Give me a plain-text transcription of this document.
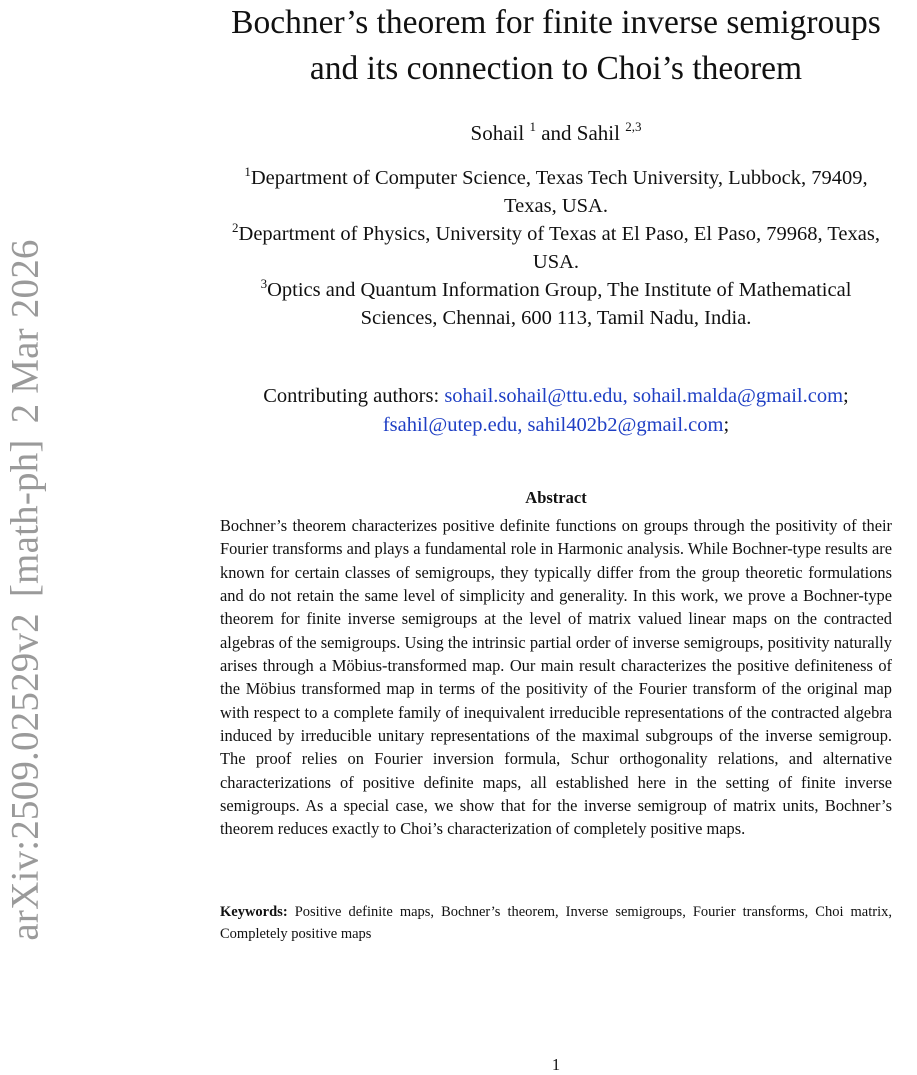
arXiv:2509.02529v2[math-ph]2 Mar 2026
Bochner’s theorem for finite inverse semigroups
and its connection to Choi’s theorem
Sohail $^1$ and Sahil $^{2,3}$
$^1$Department of Computer Science, Texas Tech University, Lubbock, 79409,
Texas, USA.
$^2$Department of Physics, University of Texas at El Paso, El Paso, 79968, Texas,
USA.
$^3$Optics and Quantum Information Group, The Institute of Mathematical
Sciences, Chennai, 600 113, Tamil Nadu, India.
Contributing authors: sohail.sohail@ttu.edu, sohail.malda@gmail.com;
fsahil@utep.edu, sahil402b2@gmail.com;
Abstract

Bochner’s theorem characterizes positive definite functions on groups through the positivity of their Fourier transforms and plays a fundamental role in Harmonic analysis. While Bochner-type results are known for certain classes of semigroups, they typically differ from the group theoretic formulations and do not retain the same level of simplicity and generality. In this work, we prove a Bochner-type theorem for finite inverse semigroups at the level of matrix valued linear maps on the contracted algebras of the semigroups. Using the intrinsic partial order of inverse semigroups, positivity naturally arises through a Möbius-transformed map. Our main result characterizes the positive definiteness of the Möbius transformed map in terms of the positivity of the Fourier transform of the original map with respect to a complete family of inequivalent irreducible representations of the contracted algebra induced by irreducible unitary representations of the maximal subgroups of the inverse semigroup. The proof relies on Fourier inversion formula, Schur orthogonality relations, and alternative characterizations of positive definite maps, all established here in the setting of finite inverse semigroups. As a special case, we show that for the inverse semigroup of matrix units, Bochner’s theorem reduces exactly to Choi’s characterization of completely positive maps.

Keywords: Positive definite maps, Bochner’s theorem, Inverse semigroups, Fourier transforms, Choi matrix, Completely positive maps

1
